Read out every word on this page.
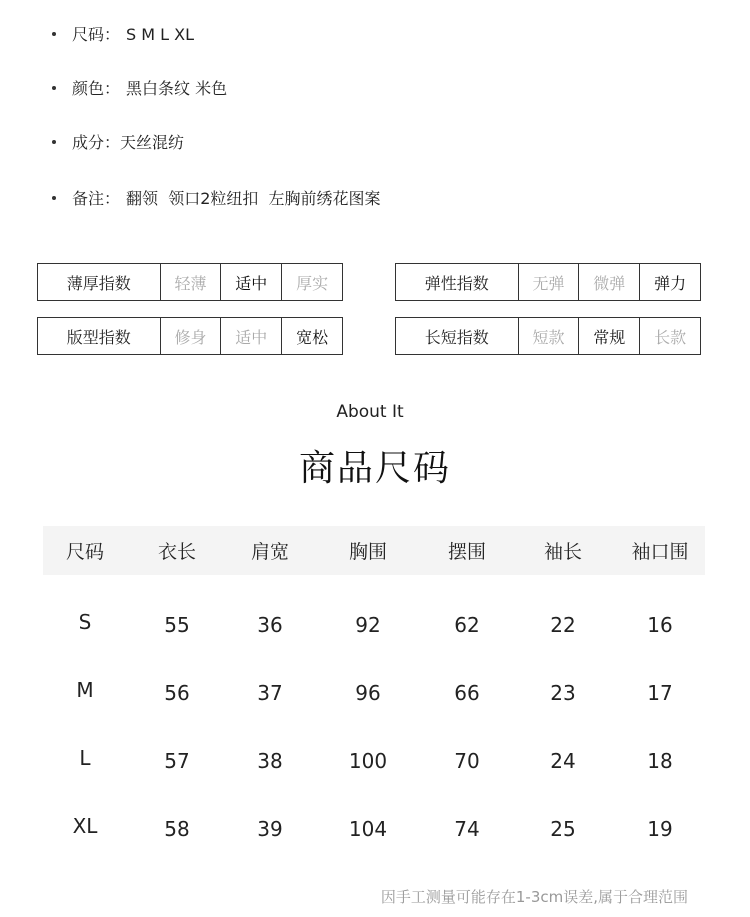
尺码： S M L XL
颜色： 黑白条纹 米色
成分：天丝混纺
备注： 翻领  领口2粒纽扣  左胸前绣花图案
薄厚指数	轻薄	适中	厚实	弹性指数	无弹	微弹	弹力
版型指数	修身	适中	宽松	长短指数	短款	常规	长款
About It
商品尺码
尺码	衣长	肩宽	胸围	摆围	袖长	袖口围
S	55	36	92	62	22	16
M	56	37	96	66	23	17
L	57	38	100	70	24	18
XL	58	39	104	74	25	19
因手工测量可能存在1-3cm误差,属于合理范围
